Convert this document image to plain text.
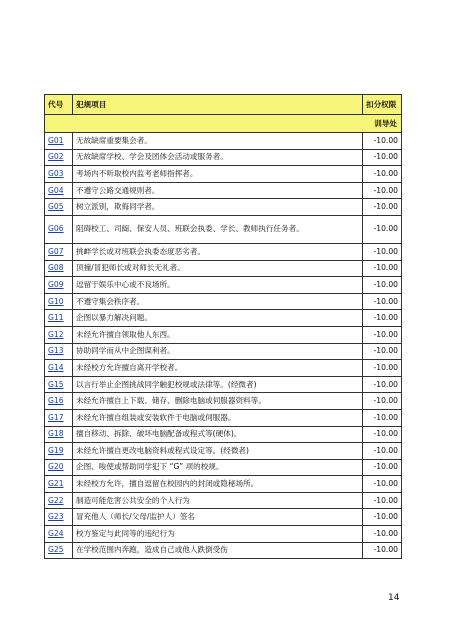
代号	犯规项目	扣分权限
		训导处
G01	无故缺席重要集会者。	-10.00
G02	无故缺席学校、学会及团体会活动或服务者。	-10.00
G03	考场内不听取校内监考老师指挥者。	-10.00
G04	不遵守公路交通规则者。	-10.00
G05	树立派别，欺侮同学者。	-10.00
G06	阻碍校工、司阍、保安人员、班联会执委、学长、教师执行任务者。	-10.00
G07	挑衅学长或对班联会执委态度恶劣者。	-10.00
G08	顶撞/冒犯师长或对师长无礼者。	-10.00
G09	逗留于娱乐中心或不良场所。	-10.00
G10	不遵守集会秩序者。	-10.00
G11	企图以暴力解决问题。	-10.00
G12	未经允许擅自领取他人东西。	-10.00
G13	协助同学而从中企图谋利者。	-10.00
G14	未经校方允许擅自离开学校者。	-10.00
G15	以言行举止企图挑战同学触犯校规或法律等。(经微者)	-10.00
G16	未经允许擅自上下载、储存、删除电脑或伺服器资料等。	-10.00
G17	未经允许擅自组装或安装软件于电脑或伺服器。	-10.00
G18	擅自移动、拆除、破坏电脑配备或程式等(硬体)。	-10.00
G19	未经允许擅自更改电脑资料或程式设定等。(经微者)	-10.00
G20	企图、唆使或帮助同学犯下 “G” 项的校规。	-10.00
G21	未经校方允许，擅自逗留在校园内的封闭或隐秘场所。	-10.00
G22	制造可能危害公共安全的个人行为	-10.00
G23	冒充他人（师长/父母/监护人）签名	-10.00
G24	校方鉴定与此同等的违纪行为	-10.00
G25	在学校范围内奔跑，造成自己或他人跌倒受伤	-10.00
14
